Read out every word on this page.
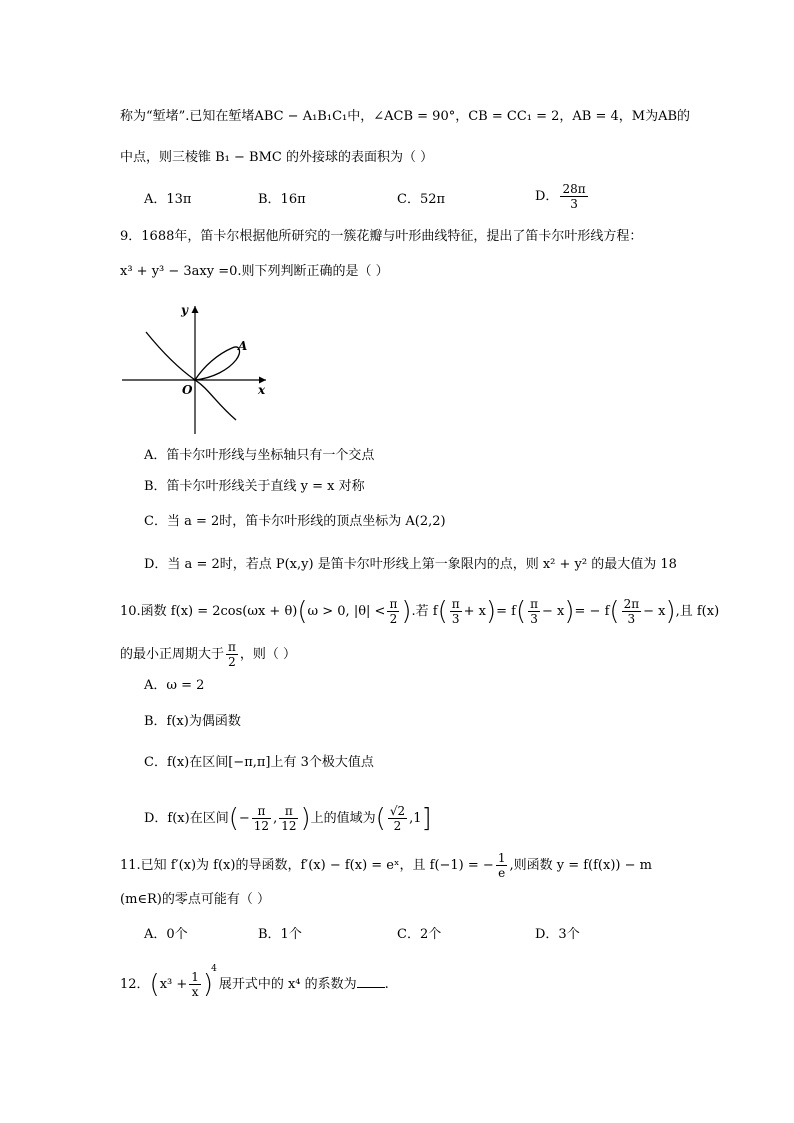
称为“堑堵”.已知在堑堵ABC − A₁B₁C₁中，∠ACB = 90°，CB = CC₁ = 2，AB = 4，M为AB的
中点，则三棱锥 B₁ − BMC 的外接球的表面积为（ ）
A．13π	B．16π	C．52π	D． $\frac{28\pi}{3}$
9．1688年，笛卡尔根据他所研究的一簇花瓣与叶形曲线特征，提出了笛卡尔叶形线方程：
x³ + y³ − 3axy =0.则下列判断正确的是（ ）
y
x
O
A
A．笛卡尔叶形线与坐标轴只有一个交点
B．笛卡尔叶形线关于直线 y = x 对称
C．当 a = 2时，笛卡尔叶形线的顶点坐标为 A(2,2)
D．当 a = 2时，若点 P(x,y) 是笛卡尔叶形线上第一象限内的点，则 x² + y² 的最大值为 18
10.函数 f(x) = 2cos(ωx + θ)(ω > 0, $|\theta| < \frac{\pi}{2}$ ).若 $f( \frac{\pi}{3} + x)= f( \frac{\pi}{3} - x)= - f( \frac{2\pi}{3} - x)$,且 f(x)
的最小正周期大于 $\frac{\pi}{2}$ ，则（ ）
A．ω = 2
B．f(x)为偶函数
C．f(x)在区间[−π,π]上有 3个极大值点
D．f(x)在区间(− $\frac{\pi}{12}$ , $\frac{\pi}{12}$ )上的值域为( $\frac{√2}{2} ,1$]
11.已知 f′(x)为 f(x)的导函数，f′(x) − f(x) = eˣ，且 f(−1) = − $\frac{1}{e}$ ,则函数 y = f(f(x)) − m
(m∈R)的零点可能有（ ）
A．0个	B．1个	C．2个	D．3个
12．$(x^3 + \frac{1}{x} )^4$展开式中的 x⁴ 的系数为 .
